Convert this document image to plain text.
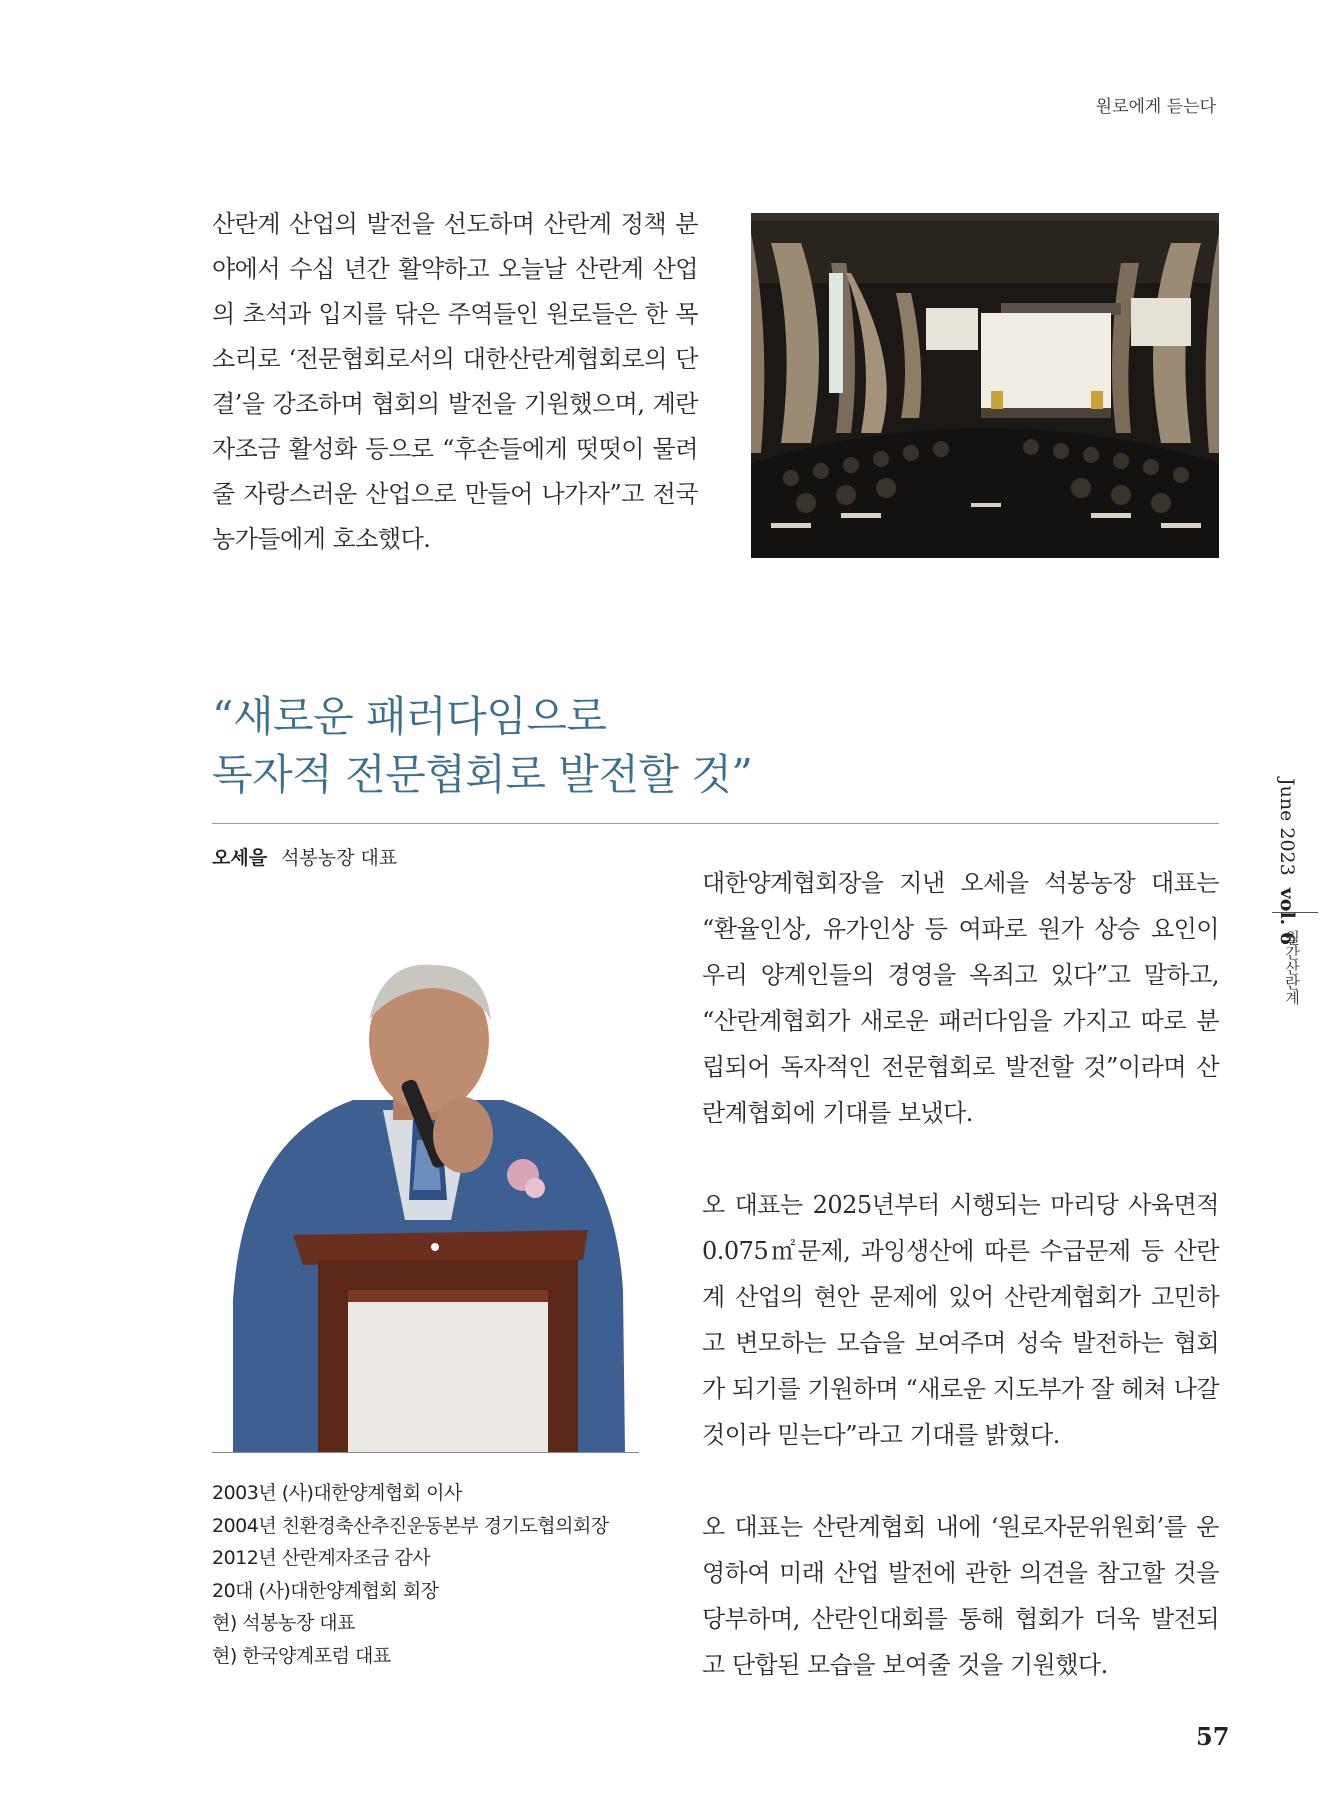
원로에게 듣는다
산란계 산업의 발전을 선도하며 산란계 정책 분야에서 수십 년간 활약하고 오늘날 산란계 산업의 초석과 입지를 닦은 주역들인 원로들은 한 목소리로 ‘전문협회로서의 대한산란계협회로의 단결’을 강조하며 협회의 발전을 기원했으며, 계란자조금 활성화 등으로 “후손들에게 떳떳이 물려줄 자랑스러운 산업으로 만들어 나가자”고 전국 농가들에게 호소했다.
“새로운 패러다임으로
독자적 전문협회로 발전할 것”
오세을 석봉농장 대표
2003년 (사)대한양계협회 이사
2004년 친환경축산추진운동본부 경기도협의회장
2012년 산란계자조금 감사
20대 (사)대한양계협회 회장
현) 석봉농장 대표
현) 한국양계포럼 대표

대한양계협회장을 지낸 오세을 석봉농장 대표는 “환율인상, 유가인상 등 여파로 원가 상승 요인이 우리 양계인들의 경영을 옥죄고 있다”고 말하고, “산란계협회가 새로운 패러다임을 가지고 따로 분립되어 독자적인 전문협회로 발전할 것”이라며 산란계협회에 기대를 보냈다.

오 대표는 2025년부터 시행되는 마리당 사육면적 0.075㎡문제, 과잉생산에 따른 수급문제 등 산란계 산업의 현안 문제에 있어 산란계협회가 고민하고 변모하는 모습을 보여주며 성숙 발전하는 협회가 되기를 기원하며 “새로운 지도부가 잘 헤쳐 나갈 것이라 믿는다”라고 기대를 밝혔다.

오 대표는 산란계협회 내에 ‘원로자문위원회’를 운영하여 미래 산업 발전에 관한 의견을 참고할 것을 당부하며, 산란인대회를 통해 협회가 더욱 발전되고 단합된 모습을 보여줄 것을 기원했다.

June 2023vol. 6
월간산란계
57
